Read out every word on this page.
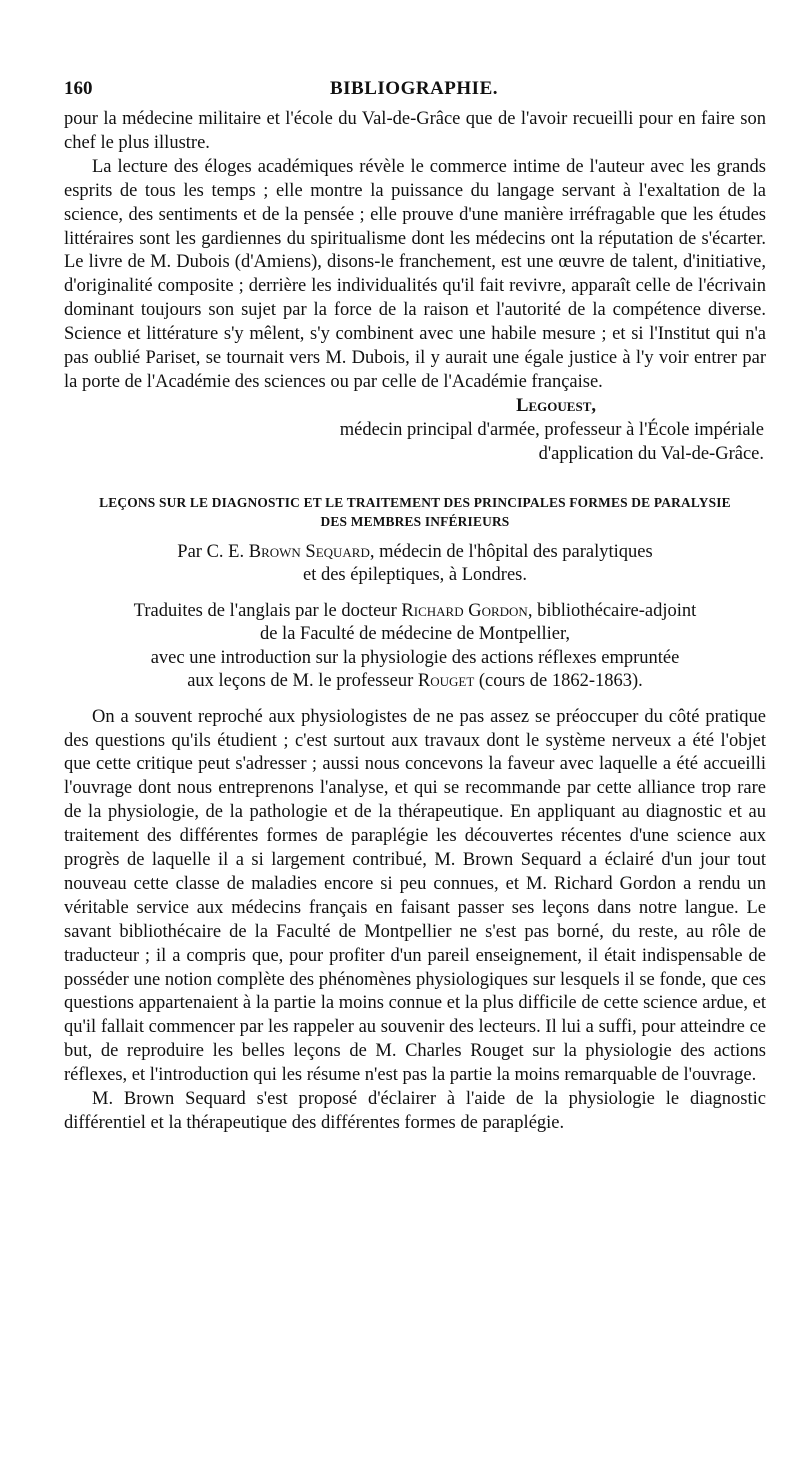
160	BIBLIOGRAPHIE.

pour la médecine militaire et l'école du Val-de-Grâce que de l'avoir recueilli pour en faire son chef le plus illustre.

La lecture des éloges académiques révèle le commerce intime de l'auteur avec les grands esprits de tous les temps ; elle montre la puissance du langage servant à l'exaltation de la science, des sentiments et de la pensée ; elle prouve d'une manière irréfragable que les études littéraires sont les gardiennes du spiritualisme dont les médecins ont la réputation de s'écarter. Le livre de M. Dubois (d'Amiens), disons-le franchement, est une œuvre de talent, d'initiative, d'originalité composite ; derrière les individualités qu'il fait revivre, apparaît celle de l'écrivain dominant toujours son sujet par la force de la raison et l'autorité de la compétence diverse. Science et littérature s'y mêlent, s'y combinent avec une habile mesure ; et si l'Institut qui n'a pas oublié Pariset, se tournait vers M. Dubois, il y aurait une égale justice à l'y voir entrer par la porte de l'Académie des sciences ou par celle de l'Académie française.

Legouest,
médecin principal d'armée, professeur à l'École impériale
d'application du Val-de-Grâce.
LEÇONS SUR LE DIAGNOSTIC ET LE TRAITEMENT DES PRINCIPALES FORMES DE PARALYSIE
DES MEMBRES INFÉRIEURS
Par C. E. Brown Sequard, médecin de l'hôpital des paralytiques
et des épileptiques, à Londres.
Traduites de l'anglais par le docteur Richard Gordon, bibliothécaire-adjoint
de la Faculté de médecine de Montpellier,
avec une introduction sur la physiologie des actions réflexes empruntée
aux leçons de M. le professeur Rouget (cours de 1862-1863).

On a souvent reproché aux physiologistes de ne pas assez se préoccuper du côté pratique des questions qu'ils étudient ; c'est surtout aux travaux dont le système nerveux a été l'objet que cette critique peut s'adresser ; aussi nous concevons la faveur avec laquelle a été accueilli l'ouvrage dont nous entreprenons l'analyse, et qui se recommande par cette alliance trop rare de la physiologie, de la pathologie et de la thérapeutique. En appliquant au diagnostic et au traitement des différentes formes de paraplégie les découvertes récentes d'une science aux progrès de laquelle il a si largement contribué, M. Brown Sequard a éclairé d'un jour tout nouveau cette classe de maladies encore si peu connues, et M. Richard Gordon a rendu un véritable service aux médecins français en faisant passer ses leçons dans notre langue. Le savant bibliothécaire de la Faculté de Montpellier ne s'est pas borné, du reste, au rôle de traducteur ; il a compris que, pour profiter d'un pareil enseignement, il était indispensable de posséder une notion complète des phénomènes physiologiques sur lesquels il se fonde, que ces questions appartenaient à la partie la moins connue et la plus difficile de cette science ardue, et qu'il fallait commencer par les rappeler au souvenir des lecteurs. Il lui a suffi, pour atteindre ce but, de reproduire les belles leçons de M. Charles Rouget sur la physiologie des actions réflexes, et l'introduction qui les résume n'est pas la partie la moins remarquable de l'ouvrage.

M. Brown Sequard s'est proposé d'éclairer à l'aide de la physiologie le diagnostic différentiel et la thérapeutique des différentes formes de paraplégie.
